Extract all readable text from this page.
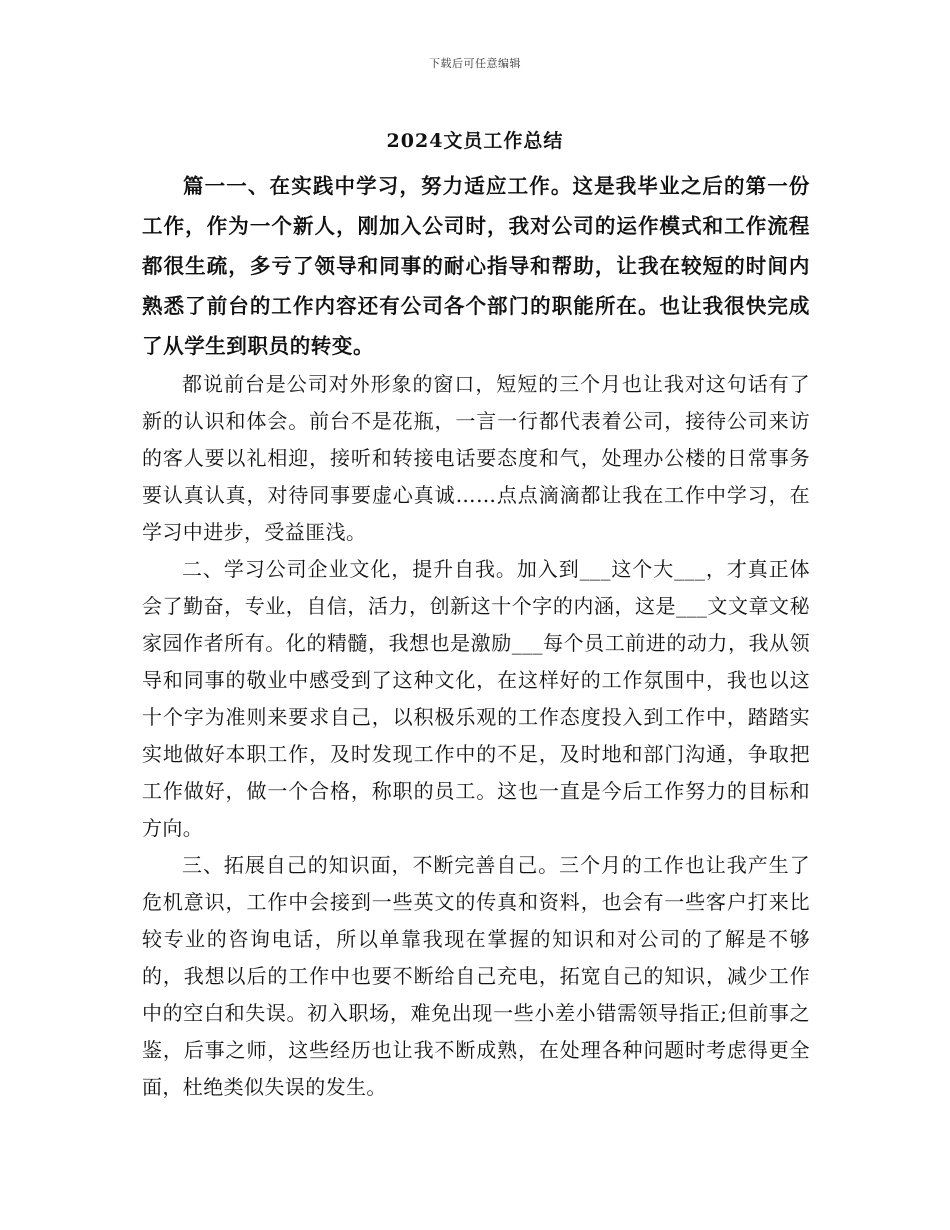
下载后可任意编辑
2024文员工作总结

篇一一、在实践中学习，努力适应工作。这是我毕业之后的第一份工作，作为一个新人，刚加入公司时，我对公司的运作模式和工作流程都很生疏，多亏了领导和同事的耐心指导和帮助，让我在较短的时间内熟悉了前台的工作内容还有公司各个部门的职能所在。也让我很快完成了从学生到职员的转变。

都说前台是公司对外形象的窗口，短短的三个月也让我对这句话有了新的认识和体会。前台不是花瓶，一言一行都代表着公司，接待公司来访的客人要以礼相迎，接听和转接电话要态度和气，处理办公楼的日常事务要认真认真，对待同事要虚心真诚……点点滴滴都让我在工作中学习，在学习中进步，受益匪浅。

二、学习公司企业文化，提升自我。加入到___这个大___，才真正体会了勤奋，专业，自信，活力，创新这十个字的内涵，这是___文文章文秘家园作者所有。化的精髓，我想也是激励___每个员工前进的动力，我从领导和同事的敬业中感受到了这种文化，在这样好的工作氛围中，我也以这十个字为准则来要求自己，以积极乐观的工作态度投入到工作中，踏踏实实地做好本职工作，及时发现工作中的不足，及时地和部门沟通，争取把工作做好，做一个合格，称职的员工。这也一直是今后工作努力的目标和方向。

三、拓展自己的知识面，不断完善自己。三个月的工作也让我产生了危机意识，工作中会接到一些英文的传真和资料，也会有一些客户打来比较专业的咨询电话，所以单靠我现在掌握的知识和对公司的了解是不够的，我想以后的工作中也要不断给自己充电，拓宽自己的知识，减少工作中的空白和失误。初入职场，难免出现一些小差小错需领导指正;但前事之鉴，后事之师，这些经历也让我不断成熟，在处理各种问题时考虑得更全面，杜绝类似失误的发生。
